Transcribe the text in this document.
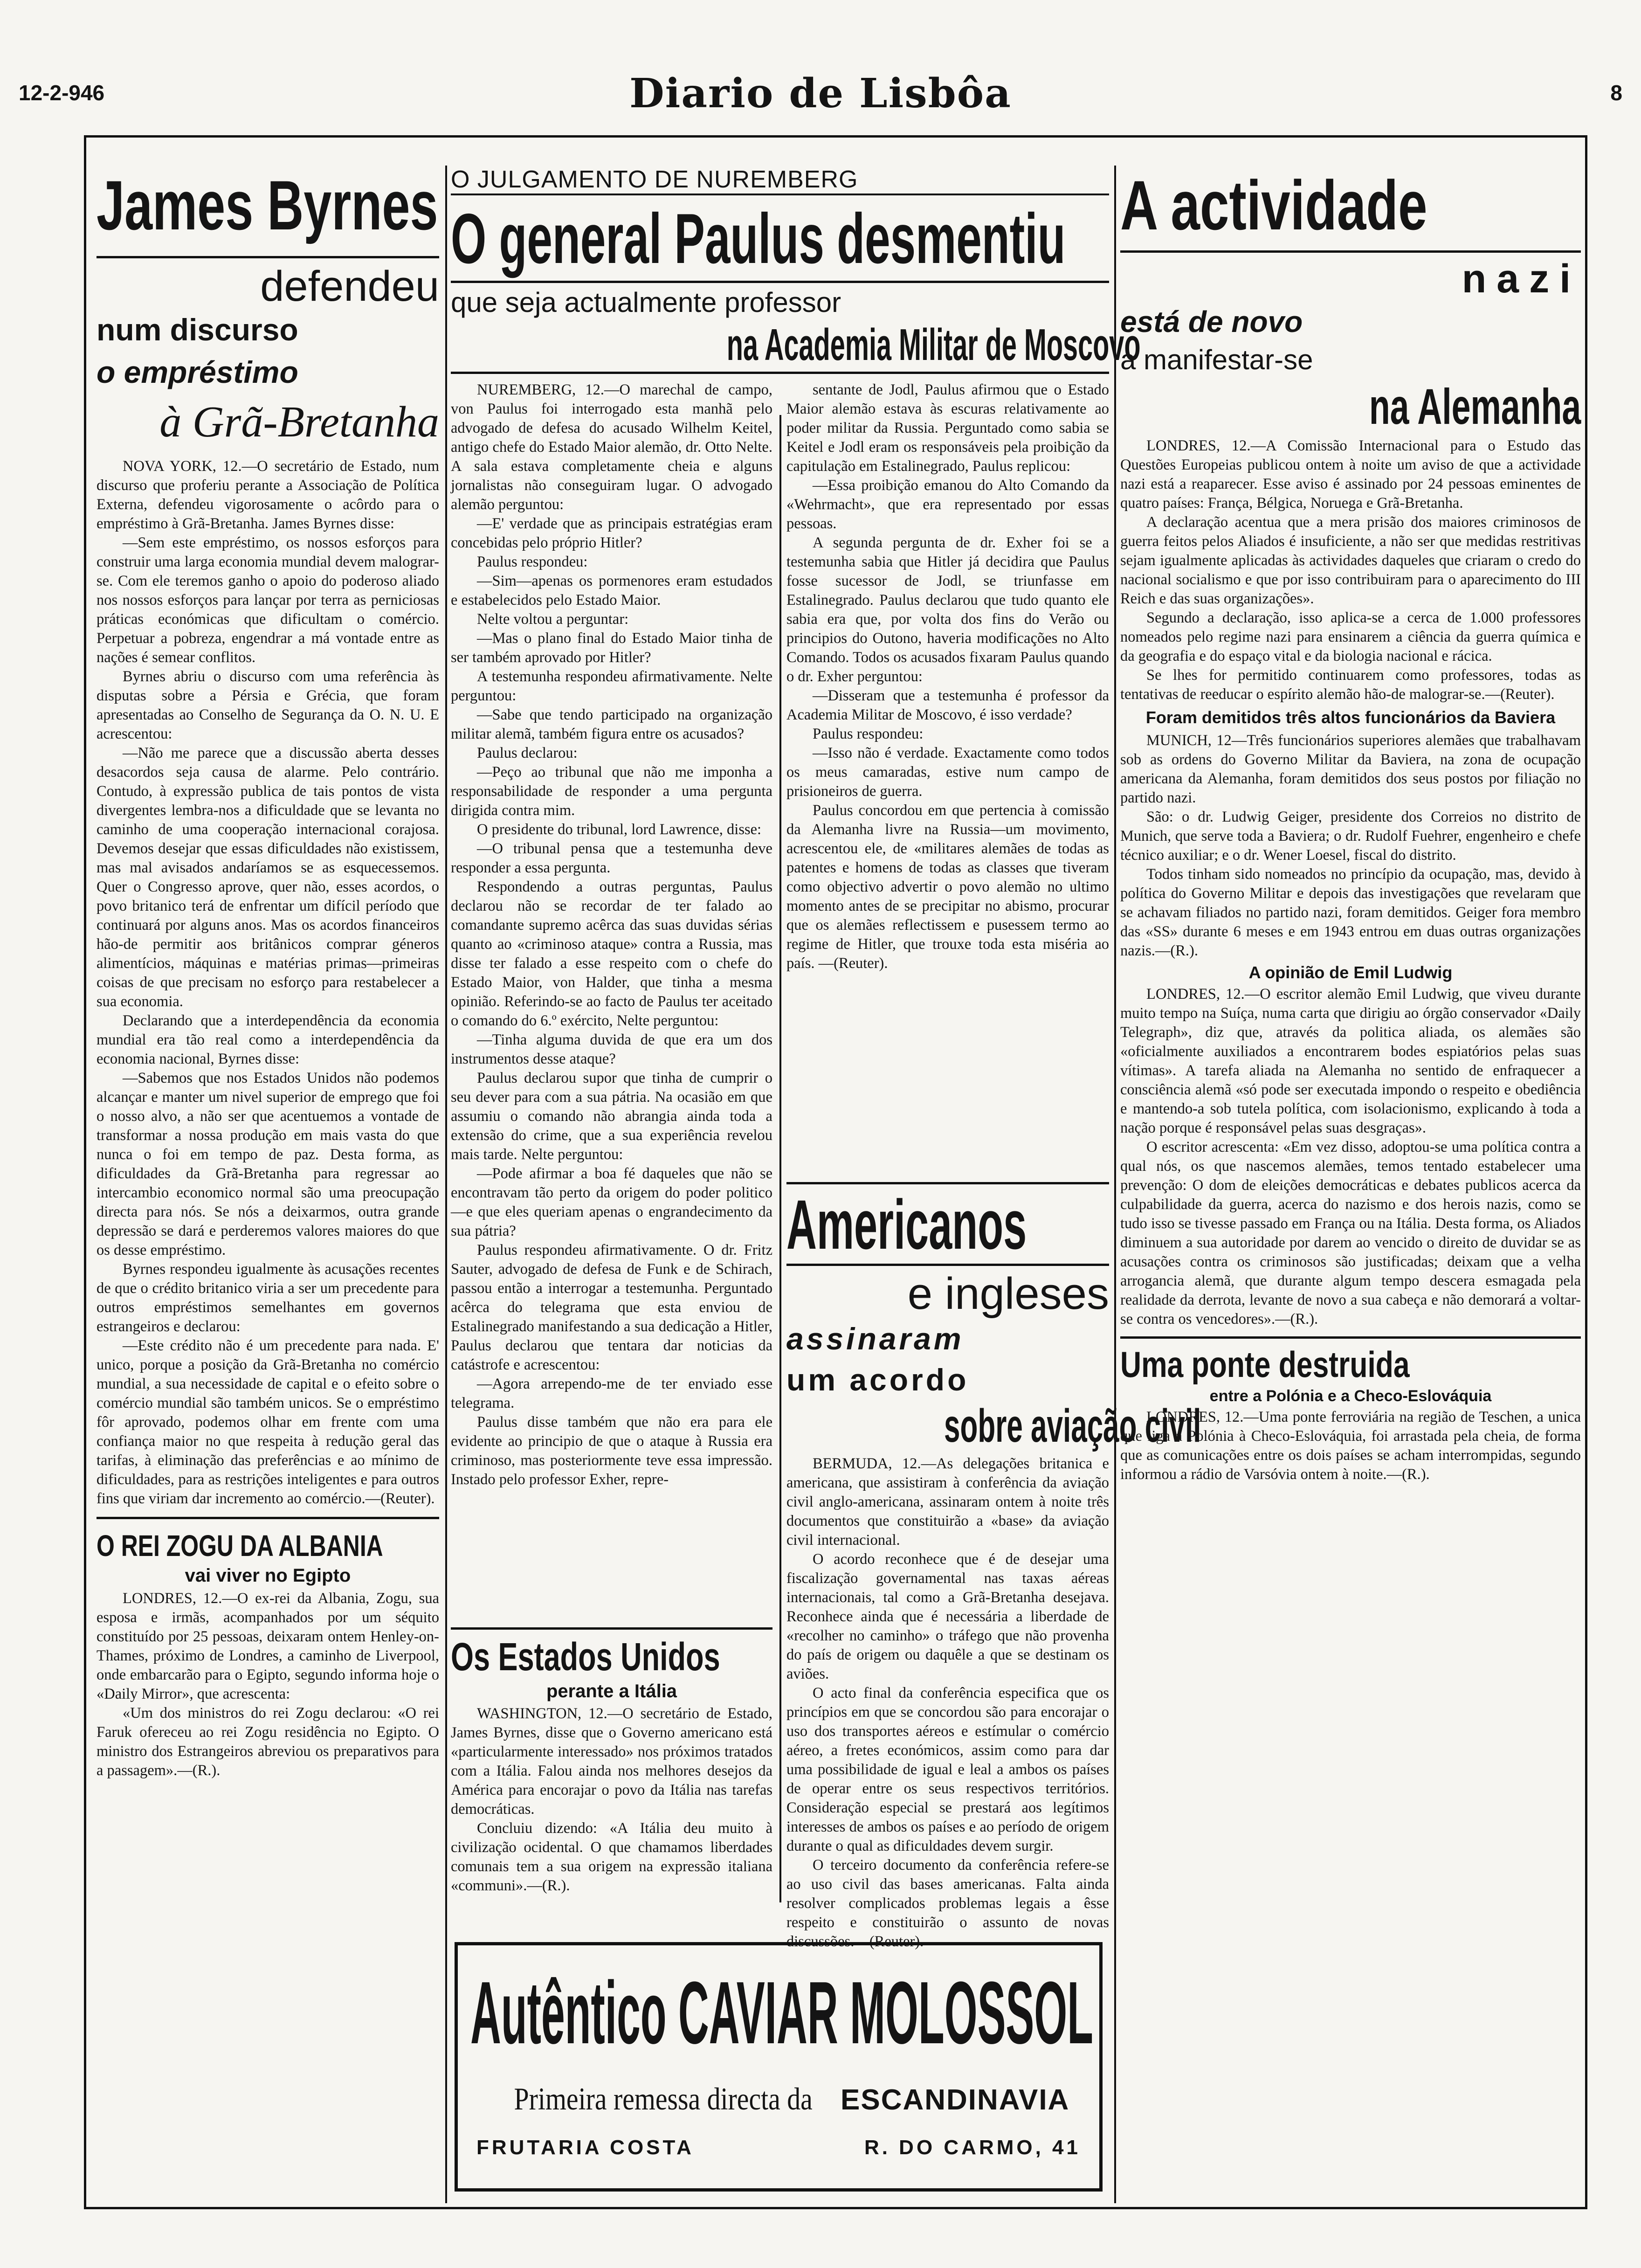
12-2-946	Diario de Lisbôa	8
James Byrnes
defendeu
num discurso
o empréstimo
à Grã-Bretanha

NOVA YORK, 12.—O secretário de Estado, num discurso que proferiu perante a Associação de Política Externa, defendeu vigorosamente o acôrdo para o empréstimo à Grã-Bretanha. James Byrnes disse:

—Sem este empréstimo, os nossos esforços para construir uma larga economia mundial devem malograr-se. Com ele teremos ganho o apoio do poderoso aliado nos nossos esforços para lançar por terra as perniciosas práticas económicas que dificultam o comércio. Perpetuar a pobreza, engendrar a má vontade entre as nações é semear conflitos.

Byrnes abriu o discurso com uma referência às disputas sobre a Pérsia e Grécia, que foram apresentadas ao Conselho de Segurança da O. N. U. E acrescentou:

—Não me parece que a discussão aberta desses desacordos seja causa de alarme. Pelo contrário. Contudo, à expressão publica de tais pontos de vista divergentes lembra-nos a dificuldade que se levanta no caminho de uma cooperação internacional corajosa. Devemos desejar que essas dificuldades não existissem, mas mal avisados andaríamos se as esquecessemos. Quer o Congresso aprove, quer não, esses acordos, o povo britanico terá de enfrentar um difícil período que continuará por alguns anos. Mas os acordos financeiros hão-de permitir aos britânicos comprar géneros alimentícios, máquinas e matérias primas—primeiras coisas de que precisam no esforço para restabelecer a sua economia.

Declarando que a interdependência da economia mundial era tão real como a interdependência da economia nacional, Byrnes disse:

—Sabemos que nos Estados Unidos não podemos alcançar e manter um nivel superior de emprego que foi o nosso alvo, a não ser que acentuemos a vontade de transformar a nossa produção em mais vasta do que nunca o foi em tempo de paz. Desta forma, as dificuldades da Grã-Bretanha para regressar ao intercambio economico normal são uma preocupação directa para nós. Se nós a deixarmos, outra grande depressão se dará e perderemos valores maiores do que os desse empréstimo.

Byrnes respondeu igualmente às acusações recentes de que o crédito britanico viria a ser um precedente para outros empréstimos semelhantes em governos estrangeiros e declarou:

—Este crédito não é um precedente para nada. E' unico, porque a posição da Grã-Bretanha no comércio mundial, a sua necessidade de capital e o efeito sobre o comércio mundial são também unicos. Se o empréstimo fôr aprovado, podemos olhar em frente com uma confiança maior no que respeita à redução geral das tarifas, à eliminação das preferências e ao mínimo de dificuldades, para as restrições inteligentes e para outros fins que viriam dar incremento ao comércio.—(Reuter).

O REI ZOGU DA ALBANIA
vai viver no Egipto

LONDRES, 12.—O ex-rei da Albania, Zogu, sua esposa e irmãs, acompanhados por um séquito constituído por 25 pessoas, deixaram ontem Henley-on-Thames, próximo de Londres, a caminho de Liverpool, onde embarcarão para o Egipto, segundo informa hoje o «Daily Mirror», que acrescenta:

«Um dos ministros do rei Zogu declarou: «O rei Faruk ofereceu ao rei Zogu residência no Egipto. O ministro dos Estrangeiros abreviou os preparativos para a passagem».—(R.).

O JULGAMENTO DE NUREMBERG
O general Paulus desmentiu
que seja actualmente professor
na Academia Militar de Moscovo

NUREMBERG, 12.—O marechal de campo, von Paulus foi interrogado esta manhã pelo advogado de defesa do acusado Wilhelm Keitel, antigo chefe do Estado Maior alemão, dr. Otto Nelte. A sala estava completamente cheia e alguns jornalistas não conseguiram lugar. O advogado alemão perguntou:

—E' verdade que as principais estratégias eram concebidas pelo próprio Hitler?

Paulus respondeu:

—Sim—apenas os pormenores eram estudados e estabelecidos pelo Estado Maior.

Nelte voltou a perguntar:

—Mas o plano final do Estado Maior tinha de ser também aprovado por Hitler?

A testemunha respondeu afirmativamente. Nelte perguntou:

—Sabe que tendo participado na organização militar alemã, também figura entre os acusados?

Paulus declarou:

—Peço ao tribunal que não me imponha a responsabilidade de responder a uma pergunta dirigida contra mim.

O presidente do tribunal, lord Lawrence, disse:

—O tribunal pensa que a testemunha deve responder a essa pergunta.

Respondendo a outras perguntas, Paulus declarou não se recordar de ter falado ao comandante supremo acêrca das suas duvidas sérias quanto ao «criminoso ataque» contra a Russia, mas disse ter falado a esse respeito com o chefe do Estado Maior, von Halder, que tinha a mesma opinião. Referindo-se ao facto de Paulus ter aceitado o comando do 6.º exército, Nelte perguntou:

—Tinha alguma duvida de que era um dos instrumentos desse ataque?

Paulus declarou supor que tinha de cumprir o seu dever para com a sua pátria. Na ocasião em que assumiu o comando não abrangia ainda toda a extensão do crime, que a sua experiência revelou mais tarde. Nelte perguntou:

—Pode afirmar a boa fé daqueles que não se encontravam tão perto da origem do poder politico—e que eles queriam apenas o engrandecimento da sua pátria?

Paulus respondeu afirmativamente. O dr. Fritz Sauter, advogado de defesa de Funk e de Schirach, passou então a interrogar a testemunha. Perguntado acêrca do telegrama que esta enviou de Estalinegrado manifestando a sua dedicação a Hitler, Paulus declarou que tentara dar noticias da catástrofe e acrescentou:

—Agora arrependo-me de ter enviado esse telegrama.

Paulus disse também que não era para ele evidente ao principio de que o ataque à Russia era criminoso, mas posteriormente teve essa impressão. Instado pelo professor Exher, repre-

sentante de Jodl, Paulus afirmou que o Estado Maior alemão estava às escuras relativamente ao poder militar da Russia. Perguntado como sabia se Keitel e Jodl eram os responsáveis pela proibição da capitulação em Estalinegrado, Paulus replicou:

—Essa proibição emanou do Alto Comando da «Wehrmacht», que era representado por essas pessoas.

A segunda pergunta de dr. Exher foi se a testemunha sabia que Hitler já decidira que Paulus fosse sucessor de Jodl, se triunfasse em Estalinegrado. Paulus declarou que tudo quanto ele sabia era que, por volta dos fins do Verão ou principios do Outono, haveria modificações no Alto Comando. Todos os acusados fixaram Paulus quando o dr. Exher perguntou:

—Disseram que a testemunha é professor da Academia Militar de Moscovo, é isso verdade?

Paulus respondeu:

—Isso não é verdade. Exactamente como todos os meus camaradas, estive num campo de prisioneiros de guerra.

Paulus concordou em que pertencia à comissão da Alemanha livre na Russia—um movimento, acrescentou ele, de «militares alemães de todas as patentes e homens de todas as classes que tiveram como objectivo advertir o povo alemão no ultimo momento antes de se precipitar no abismo, procurar que os alemães reflectissem e pusessem termo ao regime de Hitler, que trouxe toda esta miséria ao país. —(Reuter).

Os Estados Unidos
perante a Itália

WASHINGTON, 12.—O secretário de Estado, James Byrnes, disse que o Governo americano está «particularmente interessado» nos próximos tratados com a Itália. Falou ainda nos melhores desejos da América para encorajar o povo da Itália nas tarefas democráticas.

Concluiu dizendo: «A Itália deu muito à civilização ocidental. O que chamamos liberdades comunais tem a sua origem na expressão italiana «communi».—(R.).

Americanos
e ingleses
assinaram
um acordo
sobre aviação civil

BERMUDA, 12.—As delegações britanica e americana, que assistiram à conferência da aviação civil anglo-americana, assinaram ontem à noite três documentos que constituirão a «base» da aviação civil internacional.

O acordo reconhece que é de desejar uma fiscalização governamental nas taxas aéreas internacionais, tal como a Grã-Bretanha desejava. Reconhece ainda que é necessária a liberdade de «recolher no caminho» o tráfego que não provenha do país de origem ou daquêle a que se destinam os aviões.

O acto final da conferência especifica que os princípios em que se concordou são para encorajar o uso dos transportes aéreos e estímular o comércio aéreo, a fretes económicos, assim como para dar uma possibilidade de igual e leal a ambos os países de operar entre os seus respectivos territórios. Consideração especial se prestará aos legítimos interesses de ambos os países e ao período de origem durante o qual as dificuldades devem surgir.

O terceiro documento da conferência refere-se ao uso civil das bases americanas. Falta ainda resolver complicados problemas legais a êsse respeito e constituirão o assunto de novas discussões.—(Reuter).

A actividade
nazi
está de novo
a manifestar-se
na Alemanha

LONDRES, 12.—A Comissão Internacional para o Estudo das Questões Europeias publicou ontem à noite um aviso de que a actividade nazi está a reaparecer. Esse aviso é assinado por 24 pessoas eminentes de quatro países: França, Bélgica, Noruega e Grã-Bretanha.

A declaração acentua que a mera prisão dos maiores criminosos de guerra feitos pelos Aliados é insuficiente, a não ser que medidas restritivas sejam igualmente aplicadas às actividades daqueles que criaram o credo do nacional socialismo e que por isso contribuiram para o aparecimento do III Reich e das suas organizações».

Segundo a declaração, isso aplica-se a cerca de 1.000 professores nomeados pelo regime nazi para ensinarem a ciência da guerra química e da geografia e do espaço vital e da biologia nacional e rácica.

Se lhes for permitido continuarem como professores, todas as tentativas de reeducar o espírito alemão hão-de malograr-se.—(Reuter).

Foram demitidos três altos funcionários da Baviera

MUNICH, 12—Três funcionários superiores alemães que trabalhavam sob as ordens do Governo Militar da Baviera, na zona de ocupação americana da Alemanha, foram demitidos dos seus postos por filiação no partido nazi.

São: o dr. Ludwig Geiger, presidente dos Correios no distrito de Munich, que serve toda a Baviera; o dr. Rudolf Fuehrer, engenheiro e chefe técnico auxiliar; e o dr. Wener Loesel, fiscal do distrito.

Todos tinham sido nomeados no princípio da ocupação, mas, devido à política do Governo Militar e depois das investigações que revelaram que se achavam filiados no partido nazi, foram demitidos. Geiger fora membro das «SS» durante 6 meses e em 1943 entrou em duas outras organizações nazis.—(R.).

A opinião de Emil Ludwig

LONDRES, 12.—O escritor alemão Emil Ludwig, que viveu durante muito tempo na Suíça, numa carta que dirigiu ao órgão conservador «Daily Telegraph», diz que, através da politica aliada, os alemães são «oficialmente auxiliados a encontrarem bodes espiatórios pelas suas vítimas». A tarefa aliada na Alemanha no sentido de enfraquecer a consciência alemã «só pode ser executada impondo o respeito e obediência e mantendo-a sob tutela política, com isolacionismo, explicando à toda a nação porque é responsável pelas suas desgraças».

O escritor acrescenta: «Em vez disso, adoptou-se uma política contra a qual nós, os que nascemos alemães, temos tentado estabelecer uma prevenção: O dom de eleições democráticas e debates publicos acerca da culpabilidade da guerra, acerca do nazismo e dos herois nazis, como se tudo isso se tivesse passado em França ou na Itália. Desta forma, os Aliados diminuem a sua autoridade por darem ao vencido o direito de duvidar se as acusações contra os criminosos são justificadas; deixam que a velha arrogancia alemã, que durante algum tempo descera esmagada pela realidade da derrota, levante de novo a sua cabeça e não demorará a voltar-se contra os vencedores».—(R.).

Uma ponte destruida
entre a Polónia e a Checo-Eslováquia

LONDRES, 12.—Uma ponte ferroviária na região de Teschen, a unica que liga a Polónia à Checo-Eslováquia, foi arrastada pela cheia, de forma que as comunicações entre os dois países se acham interrompidas, segundo informou a rádio de Varsóvia ontem à noite.—(R.).

Autêntico CAVIAR MOLOSSOL
Primeira remessa directa da ESCANDINAVIA
FRUTARIA COSTA	R. DO CARMO, 41
